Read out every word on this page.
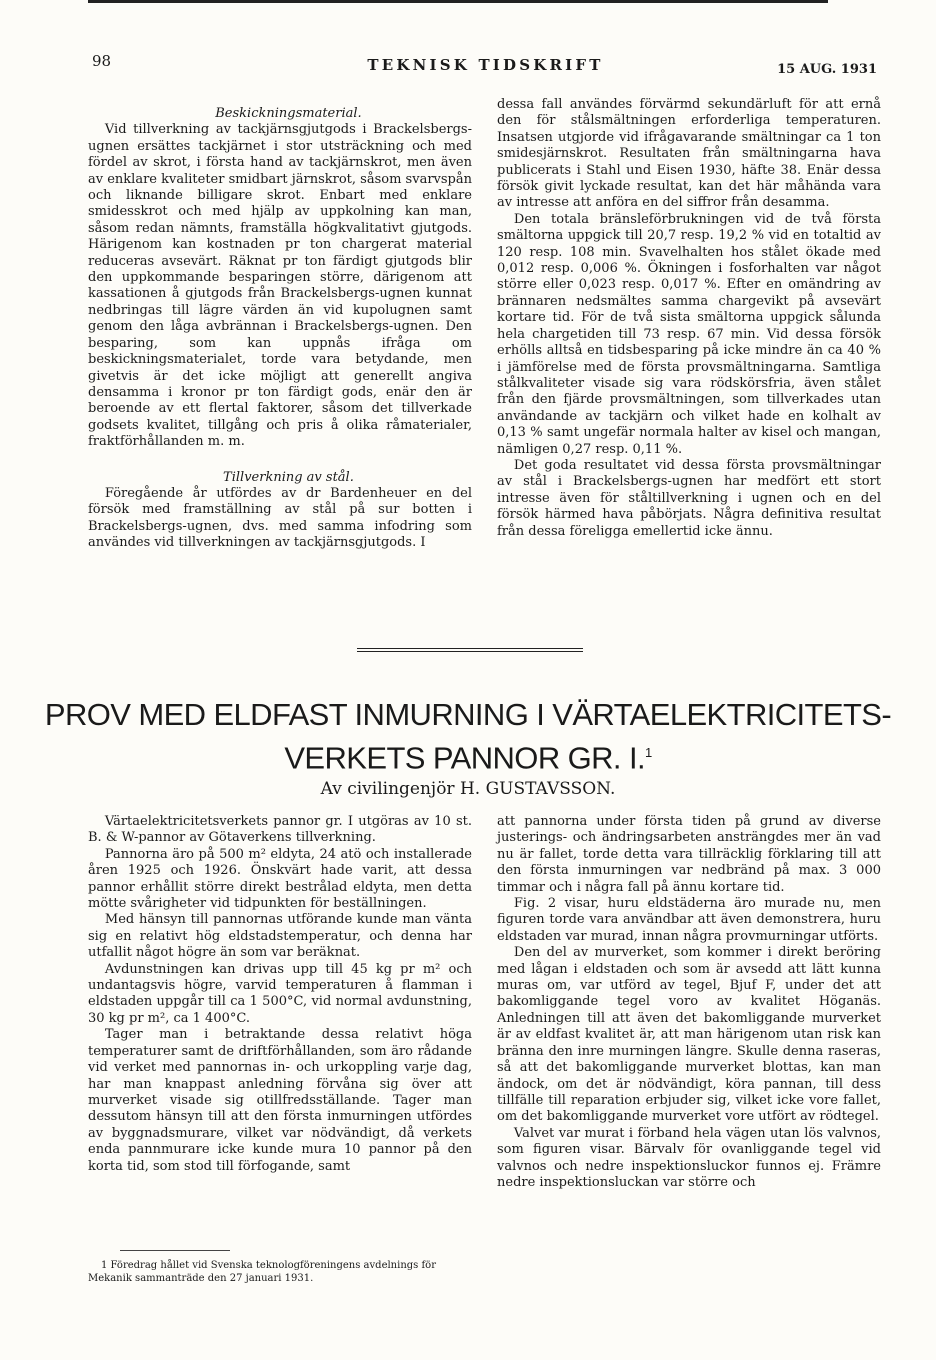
98	TEKNISK TIDSKRIFT	15 AUG. 1931

Beskickningsmaterial.

Vid tillverkning av tackjärnsgjutgods i Brackelsbergs-ugnen ersättes tackjärnet i stor utsträckning och med fördel av skrot, i första hand av tackjärnskrot, men även av enklare kvaliteter smidbart järnskrot, såsom svarvspån och liknande billigare skrot. Enbart med enklare smidesskrot och med hjälp av uppkolning kan man, såsom redan nämnts, framställa högkvalitativt gjutgods. Härigenom kan kostnaden pr ton chargerat material reduceras avsevärt. Räknat pr ton färdigt gjutgods blir den uppkommande besparingen större, därigenom att kassationen å gjutgods från Brackelsbergs-ugnen kunnat nedbringas till lägre värden än vid kupolugnen samt genom den låga avbrännan i Brackelsbergs-ugnen. Den besparing, som kan uppnås ifråga om beskickningsmaterialet, torde vara betydande, men givetvis är det icke möjligt att generellt angiva densamma i kronor pr ton färdigt gods, enär den är beroende av ett flertal faktorer, såsom det tillverkade godsets kvalitet, tillgång och pris å olika råmaterialer, fraktförhållanden m. m.

Tillverkning av stål.

Föregående år utfördes av dr Bardenheuer en del försök med framställning av stål på sur botten i Brackelsbergs-ugnen, dvs. med samma infodring som användes vid tillverkningen av tackjärnsgjutgods. I

dessa fall användes förvärmd sekundärluft för att ernå den för stålsmältningen erforderliga temperaturen. Insatsen utgjorde vid ifrågavarande smältningar ca 1 ton smidesjärnskrot. Resultaten från smältningarna hava publicerats i Stahl und Eisen 1930, häfte 38. Enär dessa försök givit lyckade resultat, kan det här måhända vara av intresse att anföra en del siffror från desamma.

Den totala bränsleförbrukningen vid de två första smältorna uppgick till 20,7 resp. 19,2 % vid en totaltid av 120 resp. 108 min. Svavelhalten hos stålet ökade med 0,012 resp. 0,006 %. Ökningen i fosforhalten var något större eller 0,023 resp. 0,017 %. Efter en omändring av brännaren nedsmältes samma chargevikt på avsevärt kortare tid. För de två sista smältorna uppgick sålunda hela chargetiden till 73 resp. 67 min. Vid dessa försök erhölls alltså en tidsbesparing på icke mindre än ca 40 % i jämförelse med de första provsmältningarna. Samtliga stålkvaliteter visade sig vara rödskörsfria, även stålet från den fjärde provsmältningen, som tillverkades utan användande av tackjärn och vilket hade en kolhalt av 0,13 % samt ungefär normala halter av kisel och mangan, nämligen 0,27 resp. 0,11 %.

Det goda resultatet vid dessa första provsmältningar av stål i Brackelsbergs-ugnen har medfört ett stort intresse även för ståltillverkning i ugnen och en del försök härmed hava påbörjats. Några definitiva resultat från dessa föreligga emellertid icke ännu.

PROV MED ELDFAST INMURNING I VÄRTAELEKTRICITETS-
VERKETS PANNOR GR. I.$^1$
Av civilingenjör H. GUSTAVSSON.

Värtaelektricitetsverkets pannor gr. I utgöras av 10 st. B. & W-pannor av Götaverkens tillverkning.

Pannorna äro på 500 m² eldyta, 24 atö och installerade åren 1925 och 1926. Önskvärt hade varit, att dessa pannor erhållit större direkt bestrålad eldyta, men detta mötte svårigheter vid tidpunkten för beställningen.

Med hänsyn till pannornas utförande kunde man vänta sig en relativt hög eldstadstemperatur, och denna har utfallit något högre än som var beräknat.

Avdunstningen kan drivas upp till 45 kg pr m² och undantagsvis högre, varvid temperaturen å flamman i eldstaden uppgår till ca 1 500°C, vid normal avdunstning, 30 kg pr m², ca 1 400°C.

Tager man i betraktande dessa relativt höga temperaturer samt de driftförhållanden, som äro rådande vid verket med pannornas in- och urkoppling varje dag, har man knappast anledning förvåna sig över att murverket visade sig otillfredsställande. Tager man dessutom hänsyn till att den första inmurningen utfördes av byggnadsmurare, vilket var nödvändigt, då verkets enda pannmurare icke kunde mura 10 pannor på den korta tid, som stod till förfogande, samt

att pannorna under första tiden på grund av diverse justerings- och ändringsarbeten ansträngdes mer än vad nu är fallet, torde detta vara tillräcklig förklaring till att den första inmurningen var nedbränd på max. 3 000 timmar och i några fall på ännu kortare tid.

Fig. 2 visar, huru eldstäderna äro murade nu, men figuren torde vara användbar att även demonstrera, huru eldstaden var murad, innan några provmurningar utförts.

Den del av murverket, som kommer i direkt beröring med lågan i eldstaden och som är avsedd att lätt kunna muras om, var utförd av tegel, Bjuf F, under det att bakomliggande tegel voro av kvalitet Höganäs. Anledningen till att även det bakomliggande murverket är av eldfast kvalitet är, att man härigenom utan risk kan bränna den inre murningen längre. Skulle denna raseras, så att det bakomliggande murverket blottas, kan man ändock, om det är nödvändigt, köra pannan, till dess tillfälle till reparation erbjuder sig, vilket icke vore fallet, om det bakomliggande murverket vore utfört av rödtegel.

Valvet var murat i förband hela vägen utan lös valvnos, som figuren visar. Bärvalv för ovanliggande tegel vid valvnos och nedre inspektionsluckor funnos ej. Främre nedre inspektionsluckan var större och

1 Föredrag hållet vid Svenska teknologföreningens avdelnings för Mekanik sammanträde den 27 januari 1931.
